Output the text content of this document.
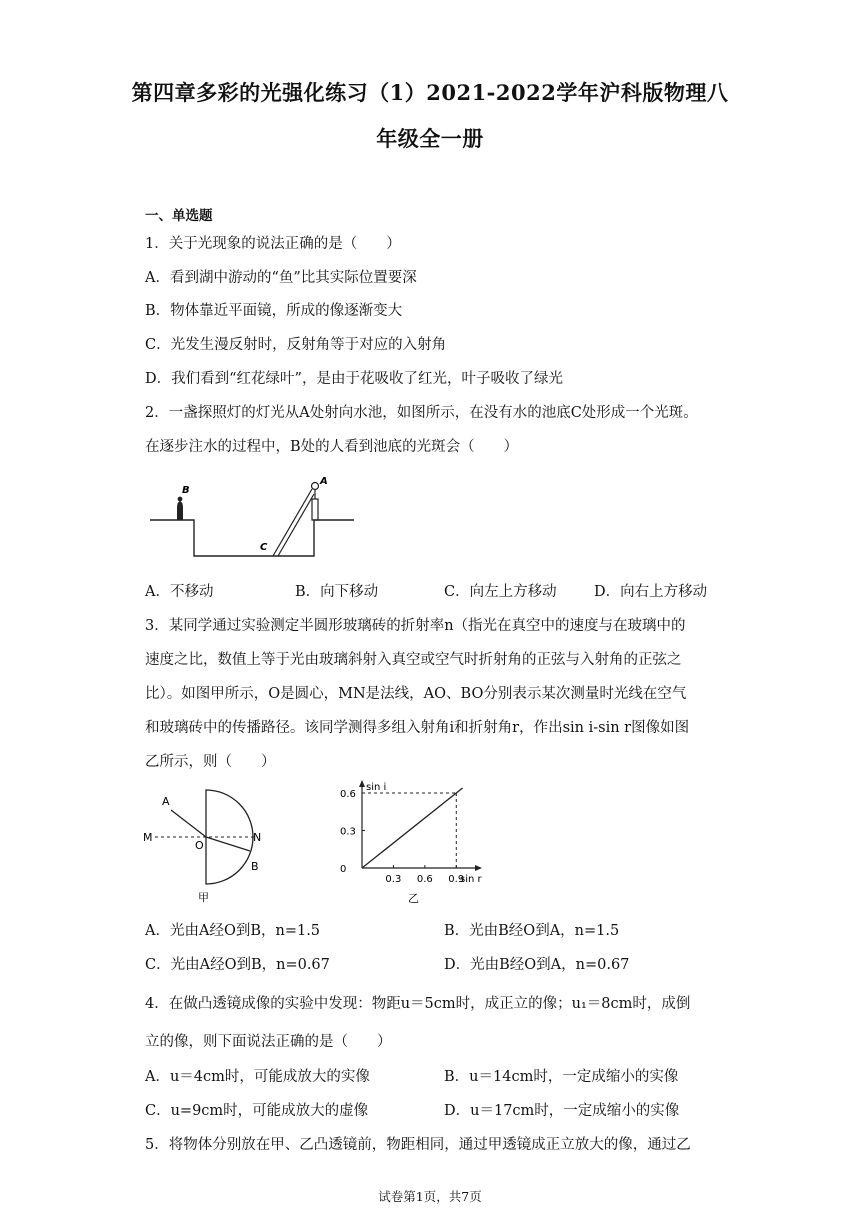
第四章多彩的光强化练习（1）2021-2022学年沪科版物理八
年级全一册
一、单选题
1．关于光现象的说法正确的是（　　）
A．看到湖中游动的“鱼”比其实际位置要深
B．物体靠近平面镜，所成的像逐渐变大
C．光发生漫反射时，反射角等于对应的入射角
D．我们看到“红花绿叶”，是由于花吸收了红光，叶子吸收了绿光
2．一盏探照灯的灯光从A处射向水池，如图所示，在没有水的池底C处形成一个光斑。
在逐步注水的过程中，B处的人看到池底的光斑会（　　）
B
A
C
A．不移动	B．向下移动	C．向左上方移动	D．向右上方移动
3．某同学通过实验测定半圆形玻璃砖的折射率n（指光在真空中的速度与在玻璃中的
速度之比，数值上等于光由玻璃斜射入真空或空气时折射角的正弦与入射角的正弦之
比）。如图甲所示，O是圆心，MN是法线，AO、BO分别表示某次测量时光线在空气
和玻璃砖中的传播路径。该同学测得多组入射角i和折射角r，作出sin i-sin r图像如图
乙所示，则（　　）
A
M	N
O
B
甲
sin i
sin r
0
0.3
0.6
0.3 0.6 0.9
乙
A．光由A经O到B，n=1.5	B．光由B经O到A，n=1.5
C．光由A经O到B，n=0.67	D．光由B经O到A，n=0.67
4．在做凸透镜成像的实验中发现：物距u＝5cm时，成正立的像；u₁＝8cm时，成倒
立的像，则下面说法正确的是（　　）
A．u＝4cm时，可能成放大的实像	B．u＝14cm时，一定成缩小的实像
C．u=9cm时，可能成放大的虚像	D．u＝17cm时，一定成缩小的实像
5．将物体分别放在甲、乙凸透镜前，物距相同，通过甲透镜成正立放大的像，通过乙
试卷第1页，共7页
